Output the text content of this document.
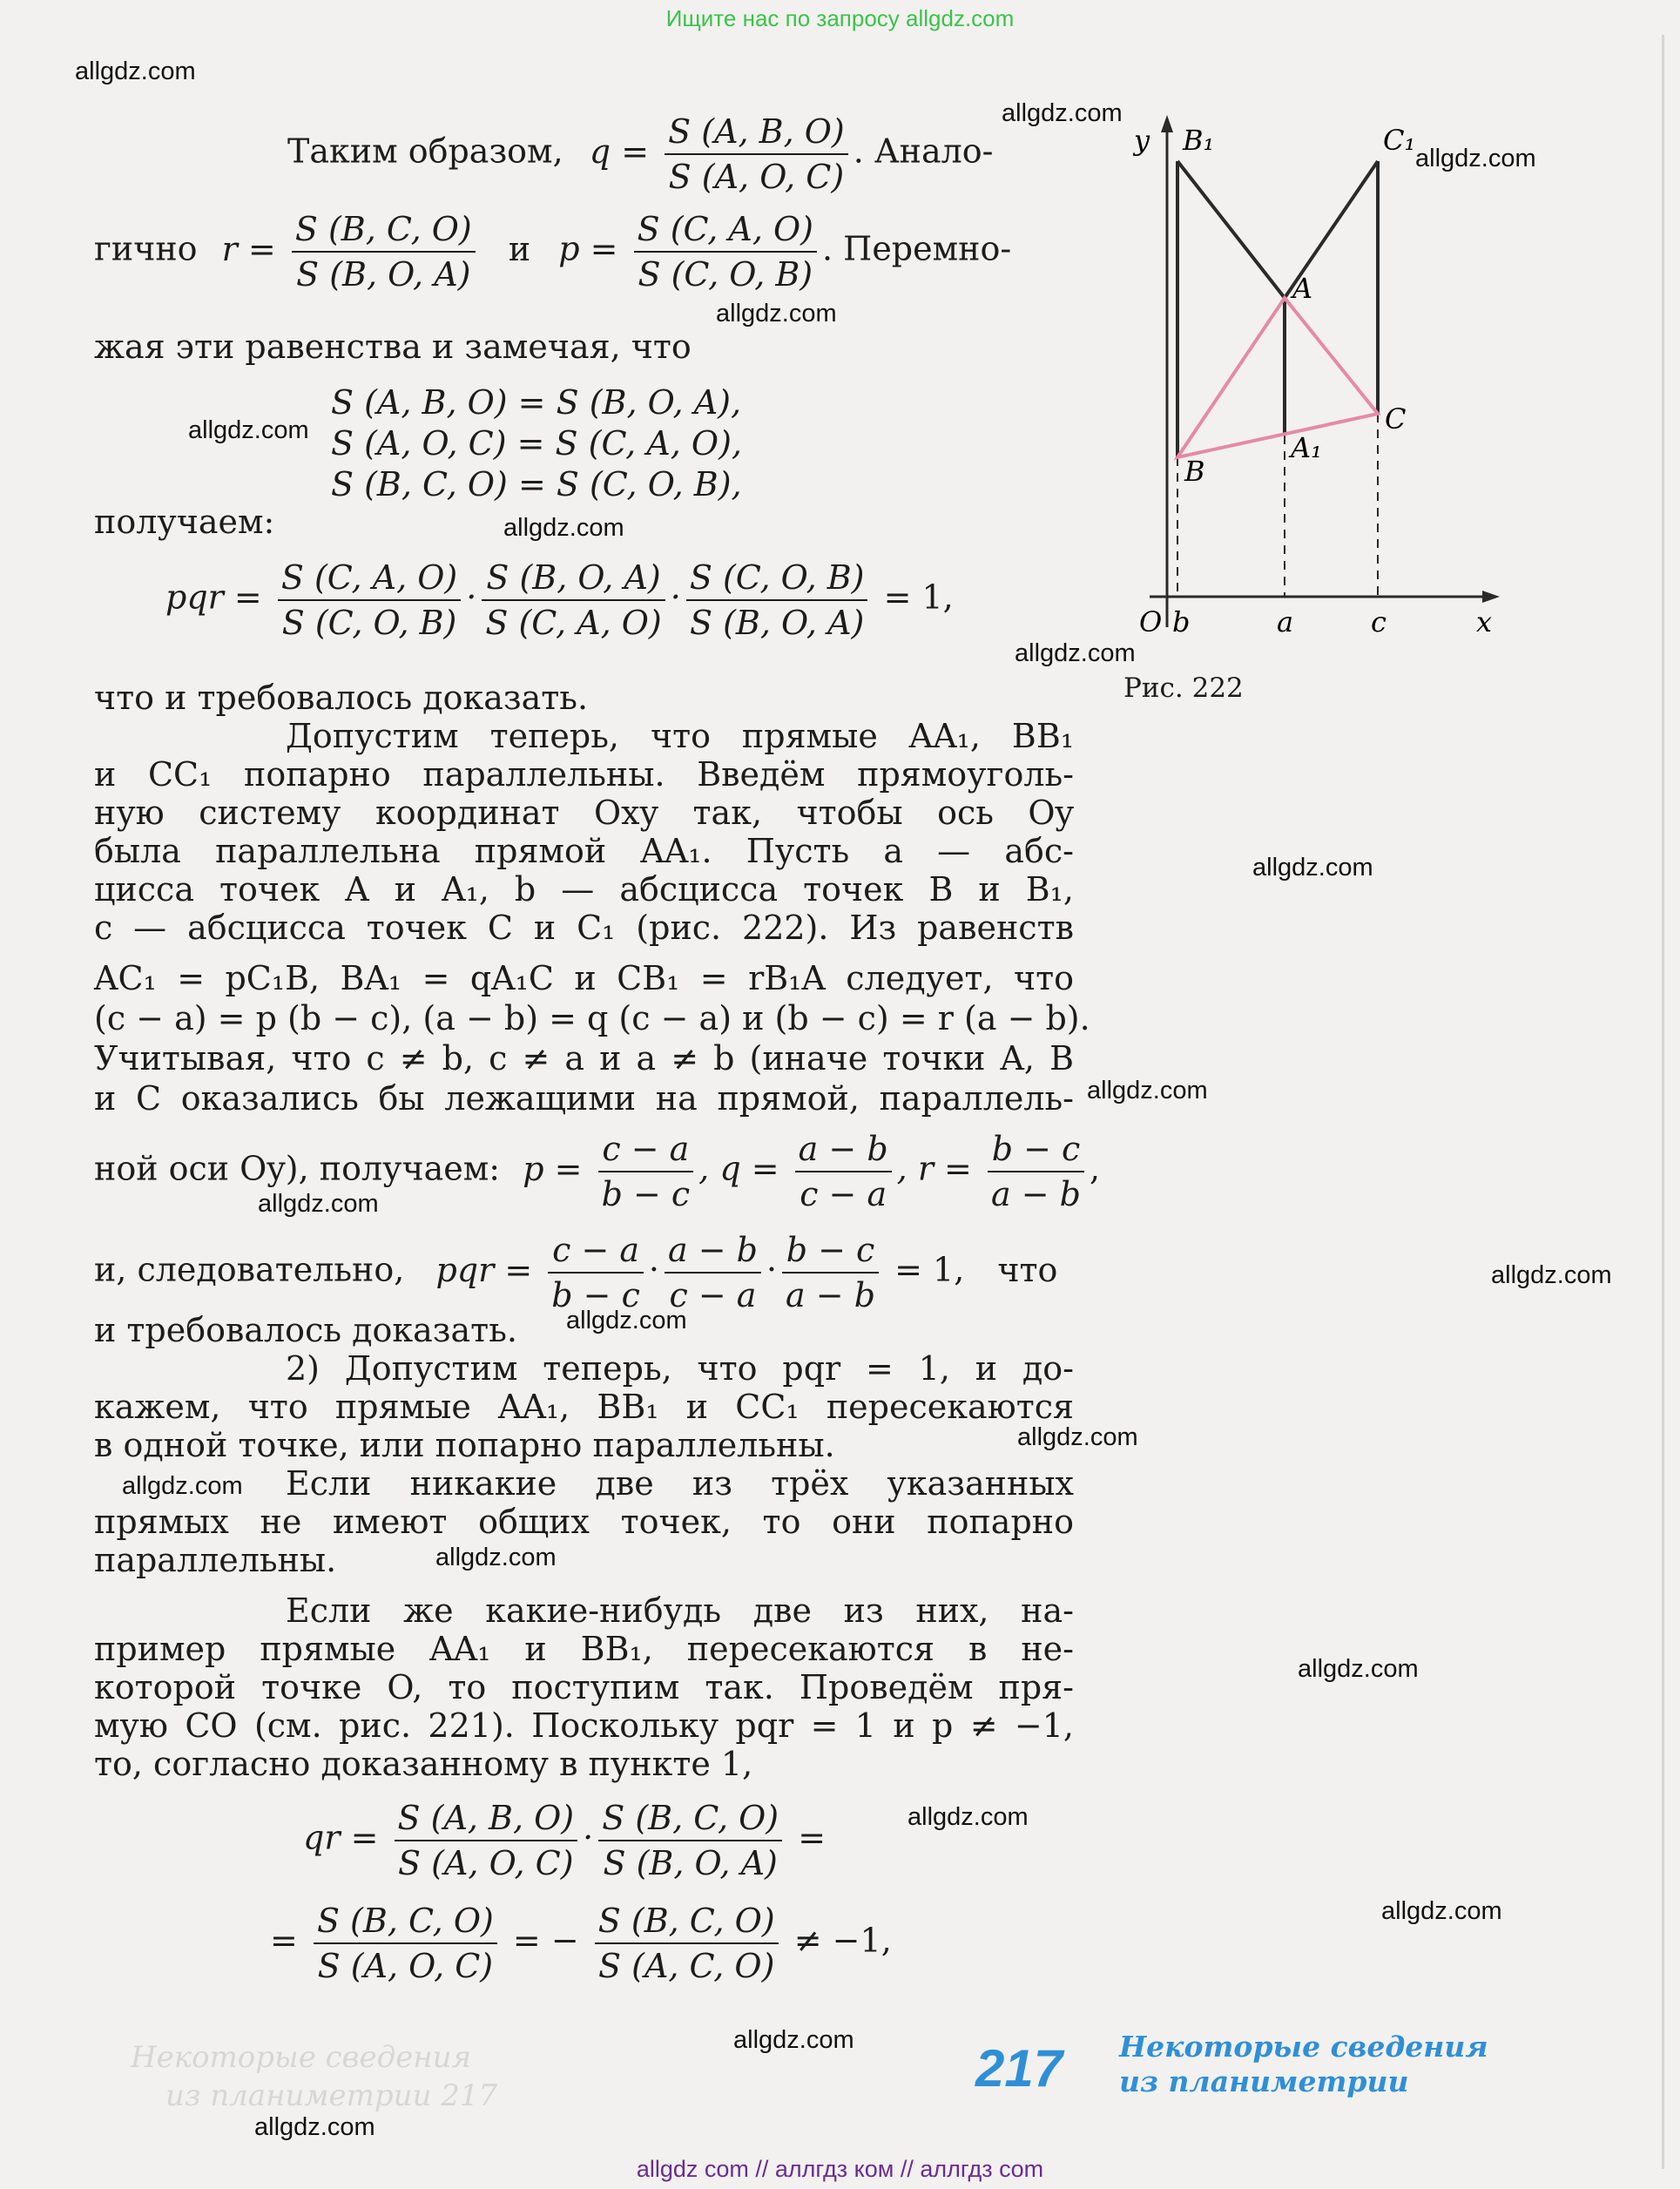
Ищите нас по запросу allgdz.com
allgdz.com
allgdz.com
allgdz.com
allgdz.com
allgdz.com
allgdz.com
allgdz.com
allgdz.com
allgdz.com
allgdz.com
allgdz.com
allgdz.com
allgdz.com
allgdz.com
allgdz.com
allgdz.com
allgdz.com
allgdz.com
allgdz.com
allgdz.com
Таким образом, $q = \frac{S (A, B, O)}{S (A, O, C)}$ . Анало-
гично $r = \frac{S (B, C, O)}{S (B, O, A)}$ и $p = \frac{S (C, A, O)}{S (C, O, B)}$ . Перемно-
жая эти равенства и замечая, что
S (A, B, O) = S (B, O, A),
S (A, O, C) = S (C, A, O),
S (B, C, O) = S (C, O, B),
получаем:
pqr = $\frac{S (C, A, O)}{S (C, O, B)} \cdot \frac{S (B, O, A)}{S (C, A, O)} \cdot \frac{S (C, O, B)}{S (B, O, A)} = 1$,
что и требовалось доказать.
Допустим теперь, что прямые AA₁, BB₁
и CC₁ попарно параллельны. Введём прямоуголь-
ную систему координат Oxy так, чтобы ось Oy
была параллельна прямой AA₁. Пусть a — абс-
цисса точек A и A₁, b — абсцисса точек B и B₁,
c — абсцисса точек C и C₁ (рис. 222). Из равенств
AC₁ = pC₁B, BA₁ = qA₁C и CB₁ = rB₁A следует, что
(c − a) = p (b − c), (a − b) = q (c − a) и (b − c) = r (a − b).
Учитывая, что c ≠ b, c ≠ a и a ≠ b (иначе точки A, B
и C оказались бы лежащими на прямой, параллель-
ной оси Oy), получаем: $p = \frac{c - a}{b - c}$ , $q = \frac{a - b}{c - a}$ , $r = \frac{b - c}{a - b}$ ,
и, следовательно, pqr = $\frac{c - a}{b - c} \cdot \frac{a - b}{c - a} \cdot \frac{b - c}{a - b} = 1$, что
и требовалось доказать.
2) Допустим теперь, что pqr = 1, и до-
кажем, что прямые AA₁, BB₁ и CC₁ пересекаются
в одной точке, или попарно параллельны.
Если никакие две из трёх указанных
прямых не имеют общих точек, то они попарно
параллельны.
Если же какие-нибудь две из них, на-
пример прямые AA₁ и BB₁, пересекаются в не-
которой точке O, то поступим так. Проведём пря-
мую CO (см. рис. 221). Поскольку pqr = 1 и p ≠ −1,
то, согласно доказанному в пункте 1,
qr = $\frac{S (A, B, O)}{S (A, O, C)} \cdot \frac{S (B, C, O)}{S (B, O, A)}$ =
= $\frac{S (B, C, O)}{S (A, O, C)}$ = − $\frac{S (B, C, O)}{S (A, C, O)} \ne -1$,
y B₁	C₁
A
C
A₁
B
O b	a	c	x
Рис. 222
Некоторые сведения
из планиметрии 217	217 Некоторые сведения
из планиметрии
allgdz com // аллгдз ком // аллгдз com
